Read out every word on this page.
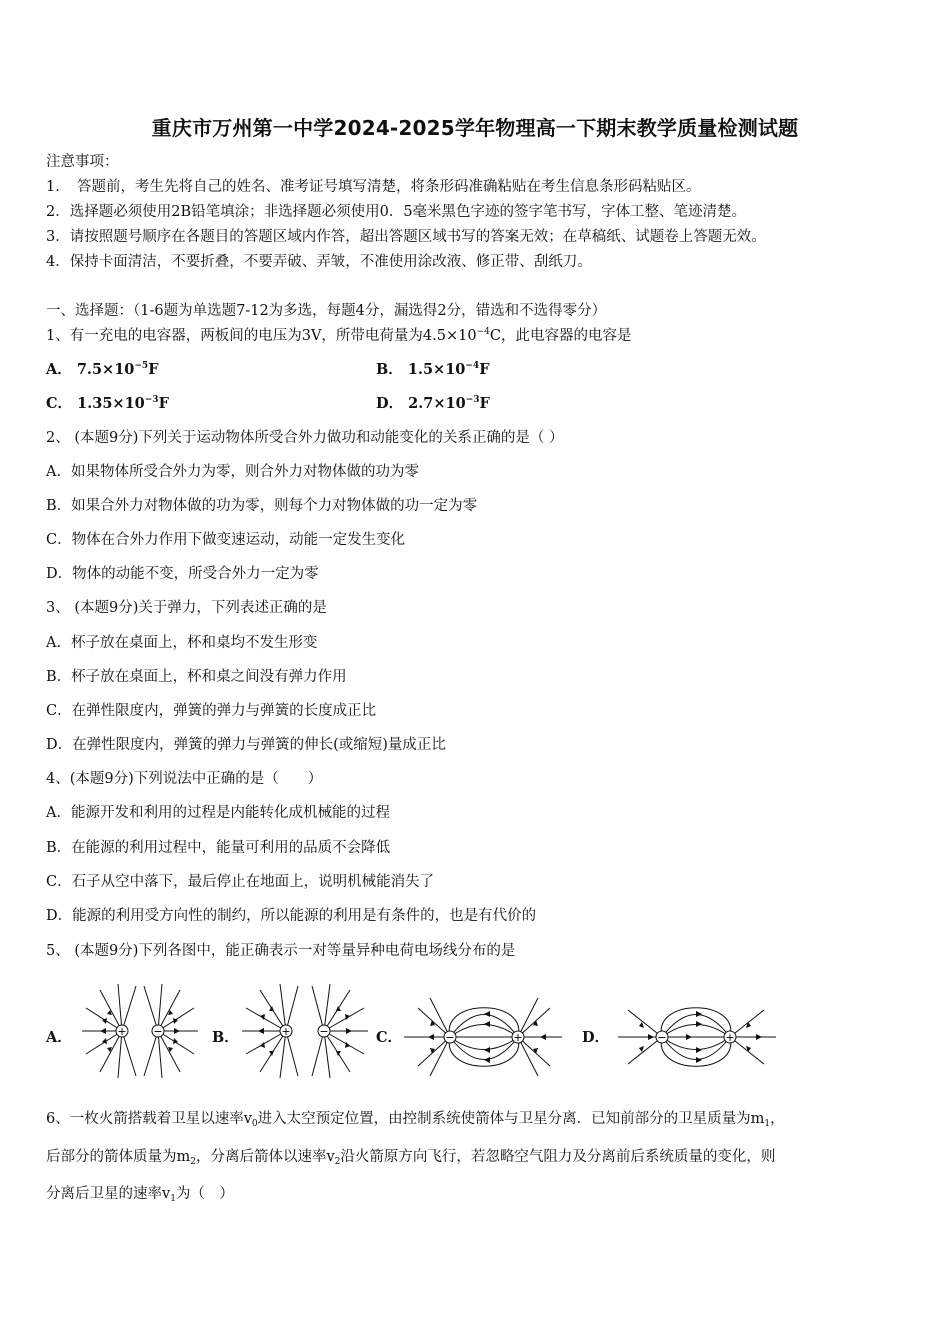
重庆市万州第一中学2024-2025学年物理高一下期末教学质量检测试题
注意事项：
1．　答题前，考生先将自己的姓名、准考证号填写清楚，将条形码准确粘贴在考生信息条形码粘贴区。
2．选择题必须使用2B铅笔填涂；非选择题必须使用0．5毫米黑色字迹的签字笔书写，字体工整、笔迹清楚。
3．请按照题号顺序在各题目的答题区域内作答，超出答题区域书写的答案无效；在草稿纸、试题卷上答题无效。
4．保持卡面清洁，不要折叠，不要弄破、弄皱，不准使用涂改液、修正带、刮纸刀。
一、选择题：（1-6题为单选题7-12为多选，每题4分，漏选得2分，错选和不选得零分）
1、有一充电的电容器，两板间的电压为3V，所带电荷量为$4.5\times 10^{-4}C$，此电容器的电容是
A． $7.5\times 10^{-5}F$	B． $1.5\times 10^{-4}F$
C． $1.35\times 10^{-3}F$	D． $2.7\times 10^{-3}F$
2、 (本题9分)下列关于运动物体所受合外力做功和动能变化的关系正确的是（ ）
A．如果物体所受合外力为零，则合外力对物体做的功为零
B．如果合外力对物体做的功为零，则每个力对物体做的功一定为零
C．物体在合外力作用下做变速运动，动能一定发生变化
D．物体的动能不变，所受合外力一定为零
3、 (本题9分)关于弹力，下列表述正确的是
A．杯子放在桌面上，杯和桌均不发生形变
B．杯子放在桌面上，杯和桌之间没有弹力作用
C．在弹性限度内，弹簧的弹力与弹簧的长度成正比
D．在弹性限度内，弹簧的弹力与弹簧的伸长(或缩短)量成正比
4、(本题9分)下列说法中正确的是（　　）
A．能源开发和利用的过程是内能转化成机械能的过程
B．在能源的利用过程中，能量可利用的品质不会降低
C．石子从空中落下，最后停止在地面上，说明机械能消失了
D．能源的利用受方向性的制约，所以能源的利用是有条件的，也是有代价的
5、 (本题9分)下列各图中，能正确表示一对等量异种电荷电场线分布的是
A．	B．	C．	D．
+ −	+	−	−	+	−	+
6、一枚火箭搭载着卫星以速率$v_0$进入太空预定位置，由控制系统使箭体与卫星分离．已知前部分的卫星质量为$m_1$，
后部分的箭体质量为$m_2$，分离后箭体以速率$v_2$沿火箭原方向飞行，若忽略空气阻力及分离前后系统质量的变化，则
分离后卫星的速率$v_1$为（　）
